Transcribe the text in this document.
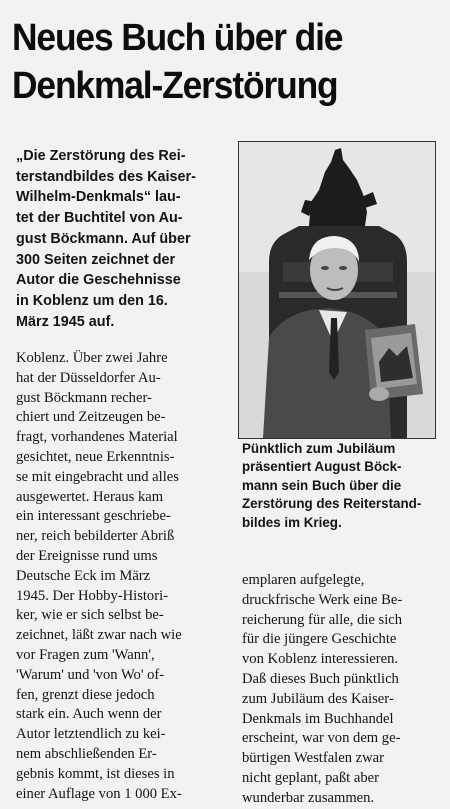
Neues Buch über die
Denkmal-Zerstörung
„Die Zerstörung des Rei-
terstandbildes des Kaiser-
Wilhelm-Denkmals“ lau-
tet der Buchtitel von Au-
gust Böckmann. Auf über
300 Seiten zeichnet der
Autor die Geschehnisse
in Koblenz um den 16.
März 1945 auf.
Pünktlich zum Jubiläum
präsentiert August Böck-
mann sein Buch über die
Zerstörung des Reiterstand-
bildes im Krieg.
Koblenz. Über zwei Jahre
hat der Düsseldorfer Au-
gust Böckmann recher-
chiert und Zeitzeugen be-
fragt, vorhandenes Material
gesichtet, neue Erkenntnis-
se mit eingebracht und alles
ausgewertet. Heraus kam
ein interessant geschriebe-
ner, reich bebilderter Abriß
der Ereignisse rund ums
Deutsche Eck im März
1945. Der Hobby-Histori-
ker, wie er sich selbst be-
zeichnet, läßt zwar nach wie
vor Fragen zum 'Wann',
'Warum' und 'von Wo' of-
fen, grenzt diese jedoch
stark ein. Auch wenn der
Autor letztendlich zu kei-
nem abschließenden Er-
gebnis kommt, ist dieses in
einer Auflage von 1 000 Ex-
emplaren aufgelegte,
druckfrische Werk eine Be-
reicherung für alle, die sich
für die jüngere Geschichte
von Koblenz interessieren.
Daß dieses Buch pünktlich
zum Jubiläum des Kaiser-
Denkmals im Buchhandel
erscheint, war von dem ge-
bürtigen Westfalen zwar
nicht geplant, paßt aber
wunderbar zusammen.
